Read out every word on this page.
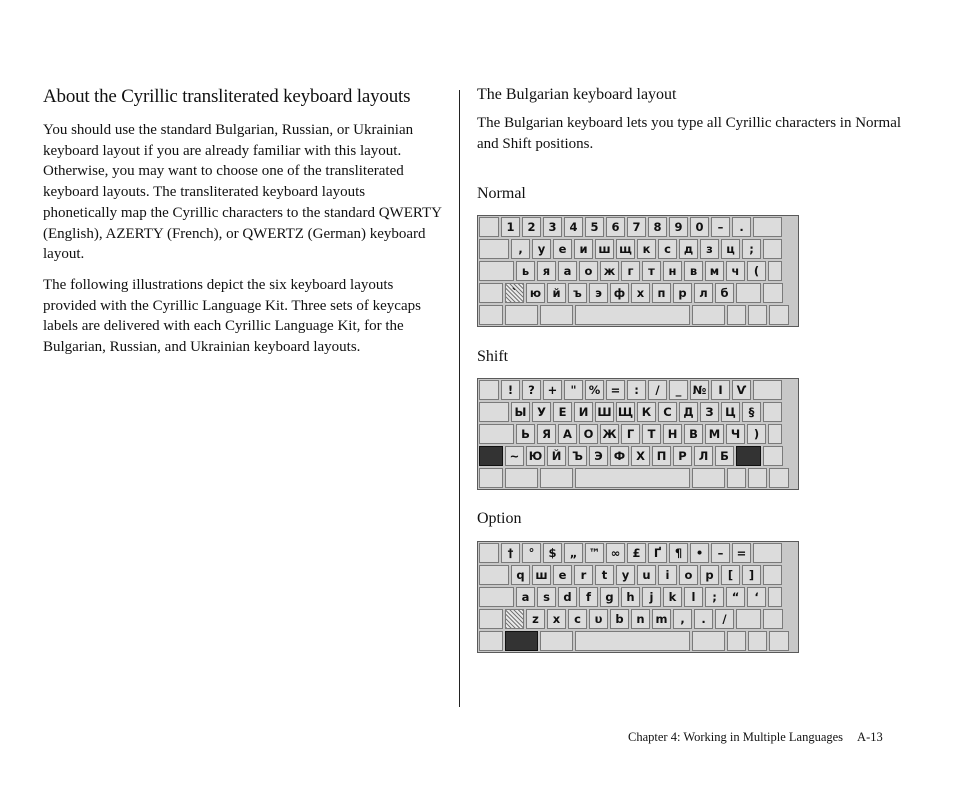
About the Cyrillic transliterated keyboard layouts

You should use the standard Bulgarian, Russian, or Ukrainian keyboard layout if you are already familiar with this layout. Otherwise, you may want to choose one of the transliterated keyboard layouts. The transliterated keyboard layouts phonetically map the Cyrillic characters to the standard QWERTY (English), AZERTY (French), or QWERTZ (German) keyboard layout.

The following illustrations depict the six keyboard layouts provided with the Cyrillic Language Kit. Three sets of keycaps labels are delivered with each Cyrillic Language Kit, for the Bulgarian, Russian, and Ukrainian keyboard layouts.

The Bulgarian keyboard layout

The Bulgarian keyboard lets you type all Cyrillic characters in Normal and Shift positions.

Normal
1	2	3	4	5	6	7	8	9	0	–	.
,	у	е	и ш щ к	с	д	з	ц	;
ь	я	а	о ж	г	т	н	в	м	ч	(
`	ю й	ъ	э	ф	х	п	р	л	б
Shift
!	?	+	"	% =	:	/	_ №	І	Ѵ
Ы У	Е	И Ш Щ К	С	Д	З	Ц	§
Ь	Я	А	О Ж Г	Т	Н	В М Ч	)
~ Ю Й Ъ Э Ф Х	П	Р	Л	Б
Option
†	°	$	„ ™ ∞	£	Ґ	¶	•	–	=
q ш e	r	t	y	u	i	o	p	[	]
a	s	d	f	g	h	j	k	l	;	“	‘
z	х	c	υ	b	n m	,	.	/
Chapter 4: Working in Multiple Languages A-13
